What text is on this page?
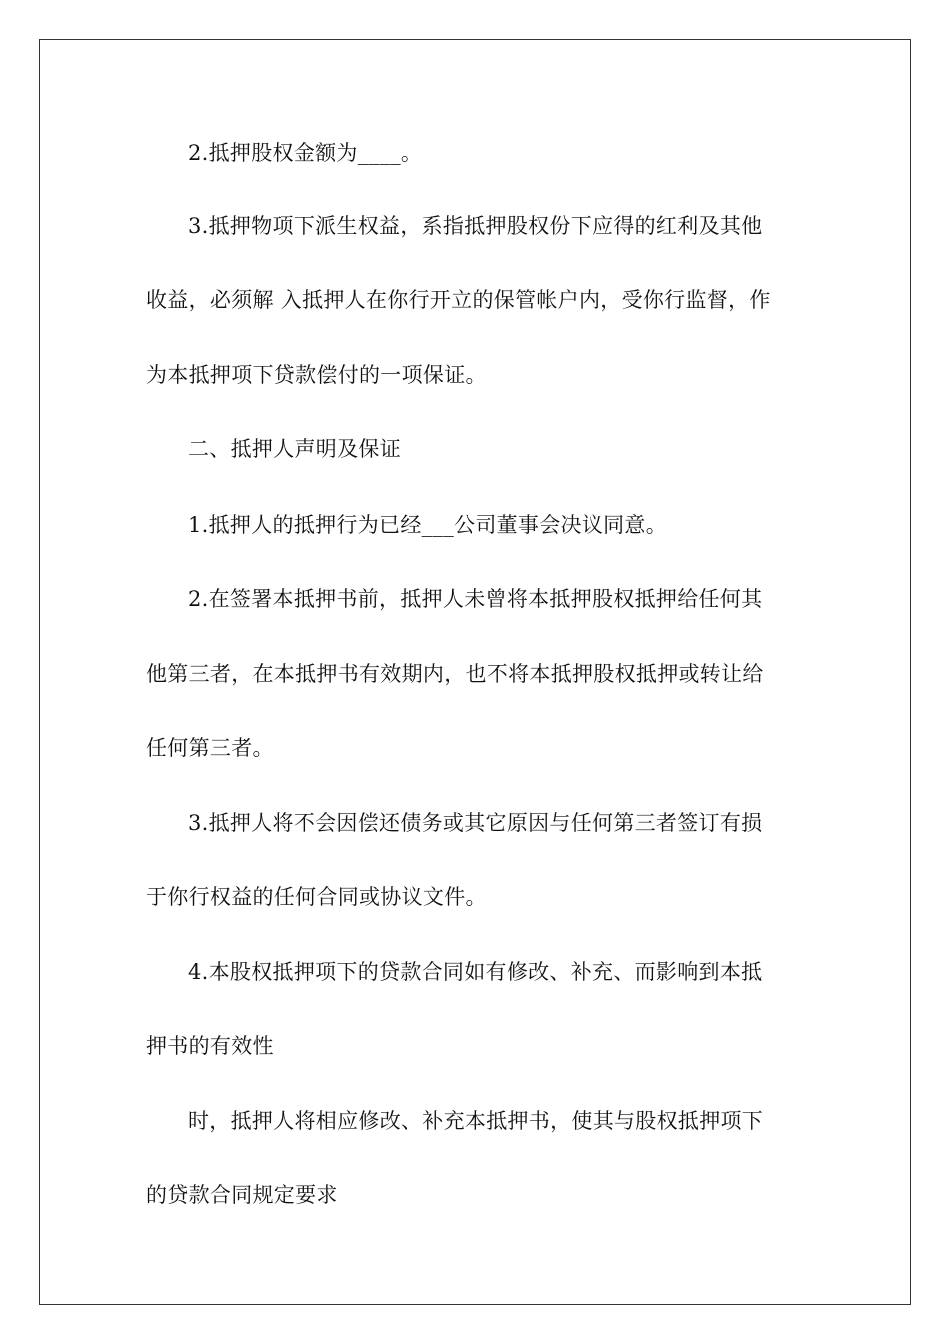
2.抵押股权金额为____。
3.抵押物项下派生权益，系指抵押股权份下应得的红利及其他
收益，必须解 入抵押人在你行开立的保管帐户内，受你行监督，作
为本抵押项下贷款偿付的一项保证。
二、抵押人声明及保证
1.抵押人的抵押行为已经___公司董事会决议同意。
2.在签署本抵押书前，抵押人未曾将本抵押股权抵押给任何其
他第三者，在本抵押书有效期内，也不将本抵押股权抵押或转让给
任何第三者。
3.抵押人将不会因偿还债务或其它原因与任何第三者签订有损
于你行权益的任何合同或协议文件。
4.本股权抵押项下的贷款合同如有修改、补充、而影响到本抵
押书的有效性
时，抵押人将相应修改、补充本抵押书，使其与股权抵押项下
的贷款合同规定要求
